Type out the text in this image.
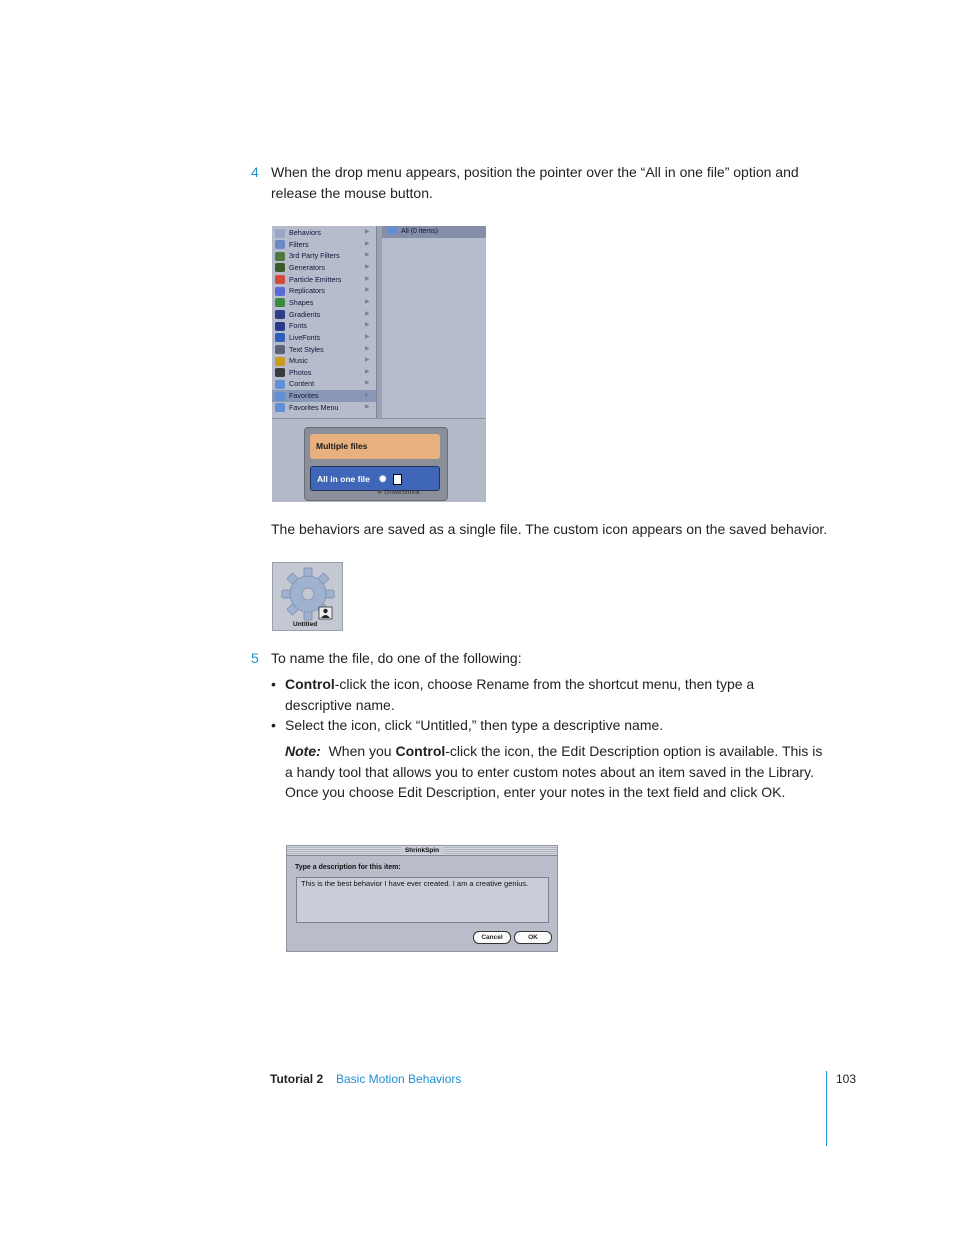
4 When the drop menu appears, position the pointer over the “All in one file” option and release the mouse button.
Behaviors	▶
Filters	▶
3rd Party Filters	▶
Generators	▶
Particle Emitters	▶
Replicators	▶
Shapes	▶
Gradients	▶
Fonts	▶
LiveFonts	▶
Text Styles	▶
Music	▶
Photos	▶
Content	▶
Favorites	▶
Favorites Menu	▶
All (0 items)
Multiple files
All in one file ✺
✺ Grow/Shrink
The behaviors are saved as a single file. The custom icon appears on the saved behavior.
Untitled
5 To name the file, do one of the following:
• Control-click the icon, choose Rename from the shortcut menu, then type a descriptive name.
• Select the icon, click “Untitled,” then type a descriptive name.
Note: When you Control-click the icon, the Edit Description option is available. This is a handy tool that allows you to enter custom notes about an item saved in the Library. Once you choose Edit Description, enter your notes in the text field and click OK.
ShrinkSpin
Type a description for this item:
This is the best behavior I have ever created. I am a creative genius.
Cancel	OK
Tutorial 2 Basic Motion Behaviors	103
